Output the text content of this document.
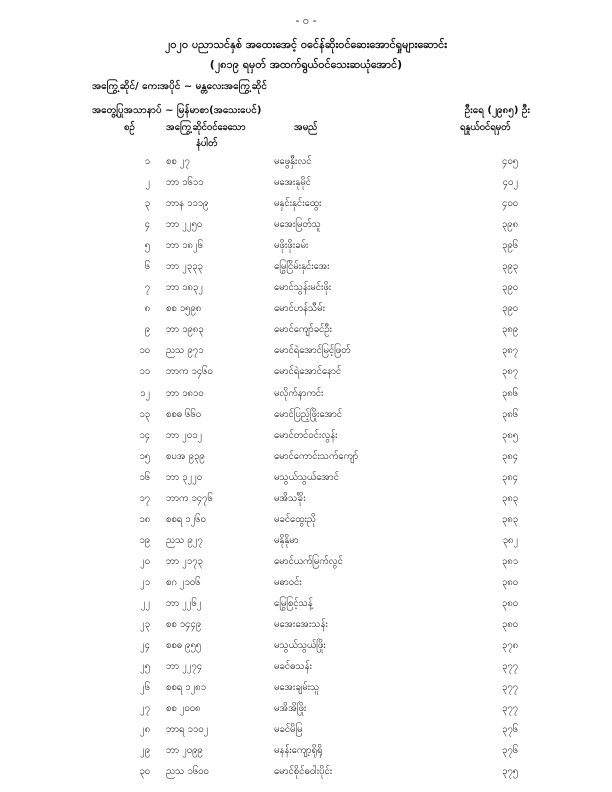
- ၀ -
၂၀၂၀ ပညာသင်နှစ် အထေးအေင့် ဝင်ေန်ဆိုးဝင်ဆေးအောင်ရှုများဆောင်း
(၂၈၁၉ ရမှတ် အထက်ရွယ်ဝင်သေးဆယုံအောင်)
အကြွေ့ဆိုင်/ ကေးအပိုင် ~ မန္တလေးအကြွေ့ဆိုင်
အတွေ့ပြုအသာနာပ် ~ မြန်မာစာ(အသေးပေင်)	ဦးရေ (၂၉၈၅) ဦး
စဉ်	အကြွေ့ဆိုင်ဝင်ခေသော
နံပါတ်
အမည်	ရနှုယ်ဝင်ရမှတ်
၁ စစ ၂၇	မဖွေနှီးလင်	၄၀၅
၂ ဘာ ၁၆၁၁	မအေးနုမိုင်	၄၀၂
၃ ဘာန ၁၁၁၉	မနှင်းနှင်းထွေး	၄၀၀
၄ ဘာ ၂၂၅၀	မအေးမြတ်သူ	၃၉၈
၅ ဘာ ၁၈၂၆	မဖိုးဖိုးခမ်း	၃၉၆
၆ ဘာ ၂၃၃၃	မြွေငြိမ်းနှင်းအေး	၃၉၃
၇ ဘာ ၁၈၃၂	မောင်သွန်းမင်းဖိုး	၃၉၀
၈ စစ ၁၅၉၈	မောင်ဟန်သီမ်း	၃၉၀
၉ ဘာ ၁၉၈၃	မောင်ကျော်ခင်ဦး	၃၈၉
၁၀ ညသ ၉၇၁	မောင်ရဲအောင်မြင့်ဖြတ်	၃၈၇
၁၁ ဘာက ၁၄၆၀	မောင်ရဲအောင်နောင်	၃၈၇
၁၂ ဘာ ၁၈၁၀	မလိုက်နာကင်း	၃၈၆
၁၃ စစဓ ၆၆၀	မောင်ပြည့်ဖြိုးအောင်	၃၈၆
၁၄ ဘာ ၂၀၁၂	မောင်တင်ဝင်းလွန်း	၃၈၅
၁၅ စပအ ၉၃၉	မောင်ကောင်းသက်ကျော်	၃၈၄
၁၆ ဘာ ၃၂၂၀	မသွယ်သွယ်အောင်	၃၈၄
၁၇ ဘာက ၁၄၇၆	မအိသင်္ခိုး	၃၈၃
၁၈ စစရ ၁၂၆၀	မခင်ထွေးညို	၃၈၃
၁၉ ညသ ၉၂၇	မနိုနိုမာ	၃၈၂
၂၀ ဘာ ၂၁၇၃	မောင်ယက်မြက်လွင်	၃၈၁
၂၁ စဂ ၂၁၀၆	မဓာဝင်း	၃၈၀
၂၂ ဘာ ၂၂၆၂	မြွေစြင့်သန့်	၃၈၀
၂၃ စစ ၁၄၄၉	မအေးအေးသန်း	၃၈၀
၂၄ စစဓ ၉၅၅	မသွယ်သွယ်ဖြိုး	၃၇၈
၂၅ ဘာ ၂၂၇၄	မခင်ဓသန်း	၃၇၇
၂၆ စစရ ၁၂၈၁	မအေးချမ်းသူ	၃၇၇
၂၇ စစ ၂၀၀၈	မအိအိဖြိုး	၃၇၇
၂၈ ဘာရ ၁၁၀၂	မခင်မိမြ	၃၇၆
၂၉ ဘာ ၂၀၉၉	မနန်းကျော့ရိုရို	၃၇၆
၃၀ ညသ ၁၆၀၀	မောင်စိုင်ဓဝါးပိုင်း	၃၇၅
